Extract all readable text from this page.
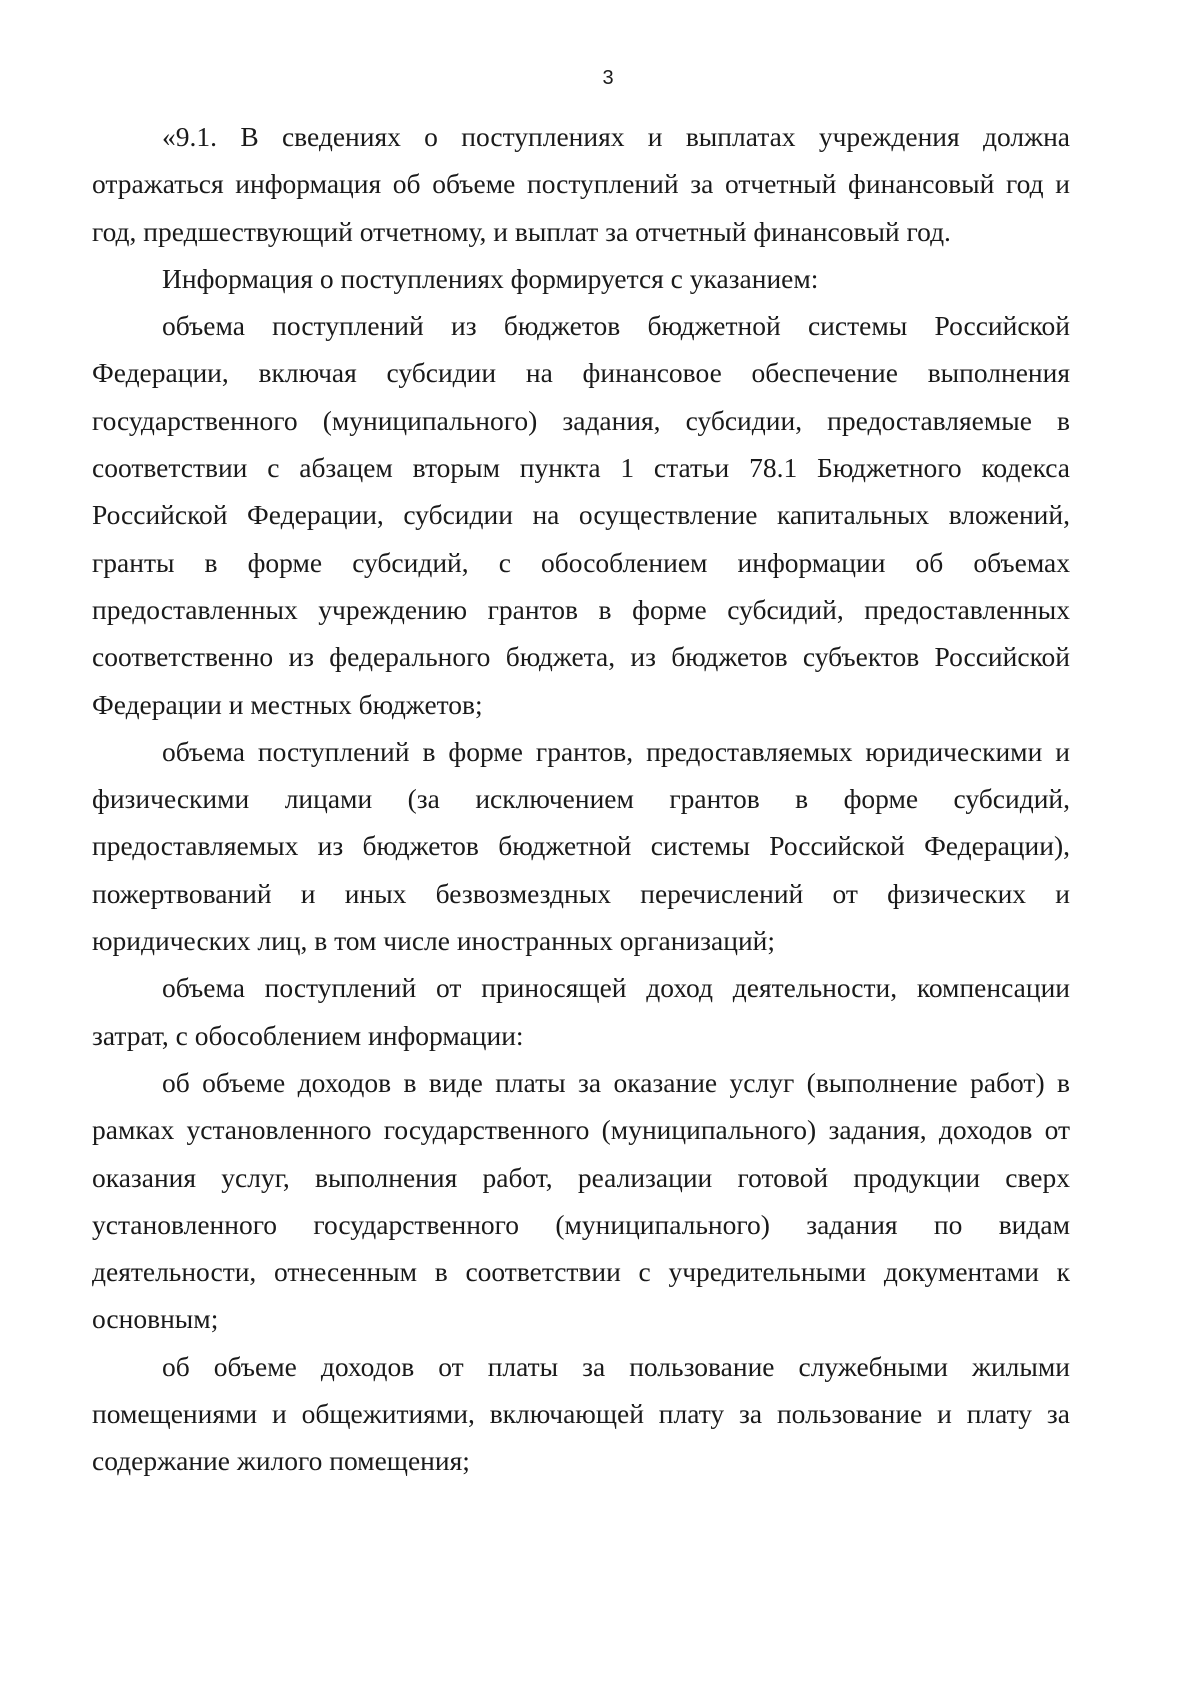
3

«9.1. В сведениях о поступлениях и выплатах учреждения должна отражаться информация об объеме поступлений за отчетный финансовый год и год, предшествующий отчетному, и выплат за отчетный финансовый год.

Информация о поступлениях формируется с указанием:

объема поступлений из бюджетов бюджетной системы Российской Федерации, включая субсидии на финансовое обеспечение выполнения государственного (муниципального) задания, субсидии, предоставляемые в соответствии с абзацем вторым пункта 1 статьи 78.1 Бюджетного кодекса Российской Федерации, субсидии на осуществление капитальных вложений, гранты в форме субсидий, с обособлением информации об объемах предоставленных учреждению грантов в форме субсидий, предоставленных соответственно из федерального бюджета, из бюджетов субъектов Российской Федерации и местных бюджетов;

объема поступлений в форме грантов, предоставляемых юридическими и физическими лицами (за исключением грантов в форме субсидий, предоставляемых из бюджетов бюджетной системы Российской Федерации), пожертвований и иных безвозмездных перечислений от физических и юридических лиц, в том числе иностранных организаций;

объема поступлений от приносящей доход деятельности, компенсации затрат, с обособлением информации:

об объеме доходов в виде платы за оказание услуг (выполнение работ) в рамках установленного государственного (муниципального) задания, доходов от оказания услуг, выполнения работ, реализации готовой продукции сверх установленного государственного (муниципального) задания по видам деятельности, отнесенным в соответствии с учредительными документами к основным;

об объеме доходов от платы за пользование служебными жилыми помещениями и общежитиями, включающей плату за пользование и плату за содержание жилого помещения;
